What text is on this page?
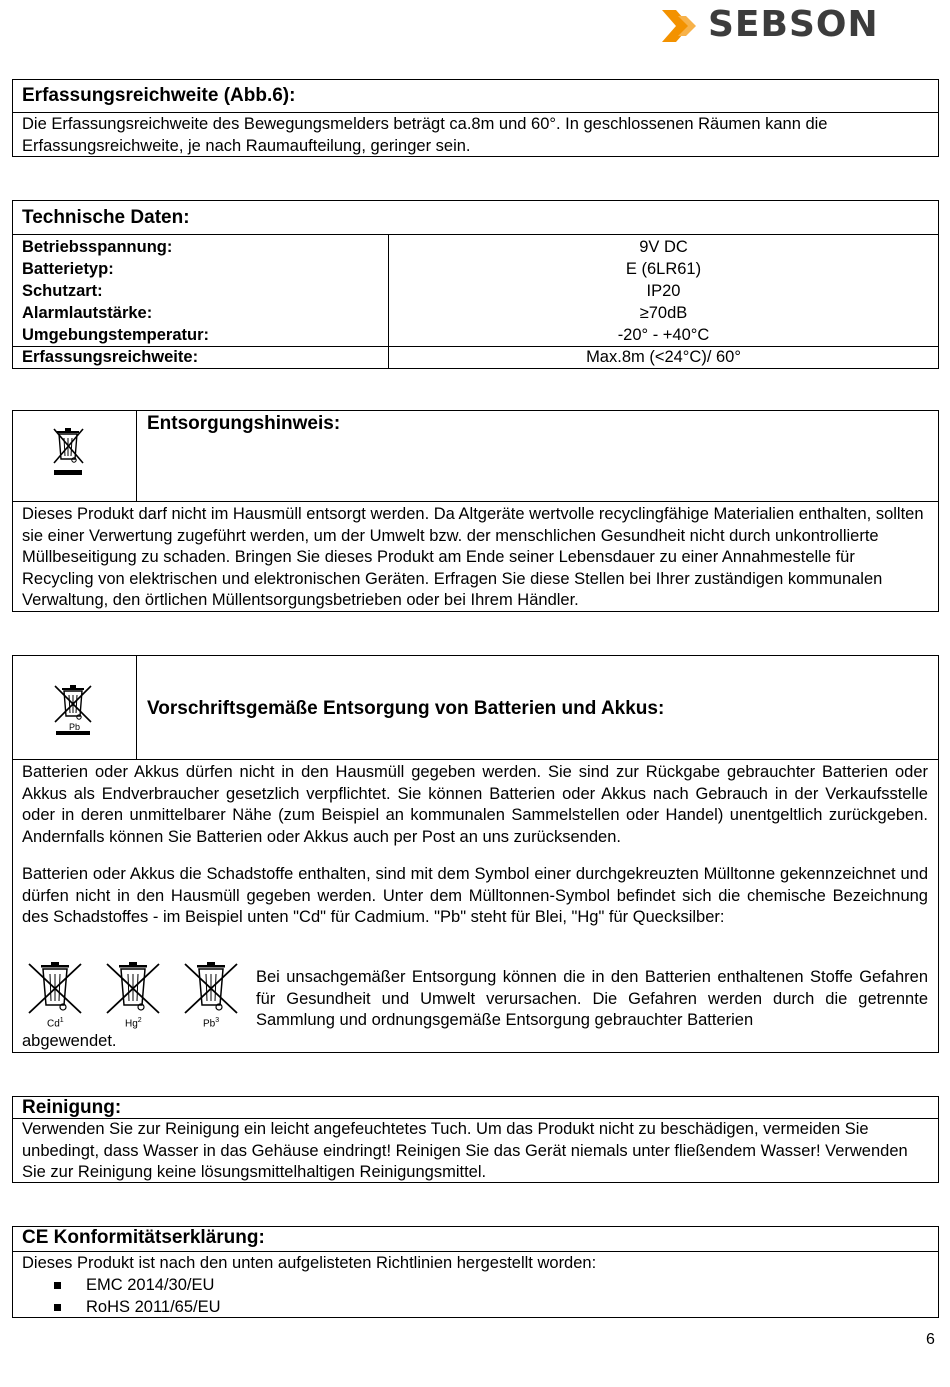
SEBSON
Erfassungsreichweite (Abb.6):
Die Erfassungsreichweite des Bewegungsmelders beträgt ca.8m und 60°. In geschlossenen Räumen kann die Erfassungsreichweite, je nach Raumaufteilung, geringer sein.
Technische Daten:
Betriebsspannung:	9V DC
Batterietyp:	E (6LR61)
Schutzart:	IP20
Alarmlautstärke:	≥70dB
Umgebungstemperatur:	-20° - +40°C
Erfassungsreichweite:	Max.8m (<24°C)/ 60°
Entsorgungshinweis:
Dieses Produkt darf nicht im Hausmüll entsorgt werden. Da Altgeräte wertvolle recyclingfähige Materialien enthalten, sollten sie einer Verwertung zugeführt werden, um der Umwelt bzw. der menschlichen Gesundheit nicht durch unkontrollierte Müllbeseitigung zu schaden. Bringen Sie dieses Produkt am Ende seiner Lebensdauer zu einer Annahmestelle für Recycling von elektrischen und elektronischen Geräten. Erfragen Sie diese Stellen bei Ihrer zuständigen kommunalen Verwaltung, den örtlichen Müllentsorgungsbetrieben oder bei Ihrem Händler.
Pb
Vorschriftsgemäße Entsorgung von Batterien und Akkus:
Batterien oder Akkus dürfen nicht in den Hausmüll gegeben werden. Sie sind zur Rückgabe gebrauchter Batterien oder Akkus als Endverbraucher gesetzlich verpflichtet. Sie können Batterien oder Akkus nach Gebrauch in der Verkaufsstelle oder in deren unmittelbarer Nähe (zum Beispiel an kommunalen Sammelstellen oder Handel) unentgeltlich zurückgeben. Andernfalls können Sie Batterien oder Akkus auch per Post an uns zurücksenden.
Batterien oder Akkus die Schadstoffe enthalten, sind mit dem Symbol einer durchgekreuzten Mülltonne gekennzeichnet und dürfen nicht in den Hausmüll gegeben werden. Unter dem Mülltonnen-Symbol befindet sich die chemische Bezeichnung des Schadstoffes - im Beispiel unten "Cd" für Cadmium. "Pb" steht für Blei, "Hg" für Quecksilber:
Cd$^1$	Hg$^2$	Pb$^3$
Bei unsachgemäßer Entsorgung können die in den Batterien enthaltenen Stoffe Gefahren für Gesundheit und Umwelt verursachen. Die Gefahren werden durch die getrennte Sammlung und ordnungsgemäße Entsorgung gebrauchter Batterien
abgewendet.
Reinigung:
Verwenden Sie zur Reinigung ein leicht angefeuchtetes Tuch. Um das Produkt nicht zu beschädigen, vermeiden Sie unbedingt, dass Wasser in das Gehäuse eindringt! Reinigen Sie das Gerät niemals unter fließendem Wasser! Verwenden Sie zur Reinigung keine lösungsmittelhaltigen Reinigungsmittel.
CE Konformitätserklärung:
Dieses Produkt ist nach den unten aufgelisteten Richtlinien hergestellt worden:
EMC 2014/30/EU
RoHS 2011/65/EU
6
